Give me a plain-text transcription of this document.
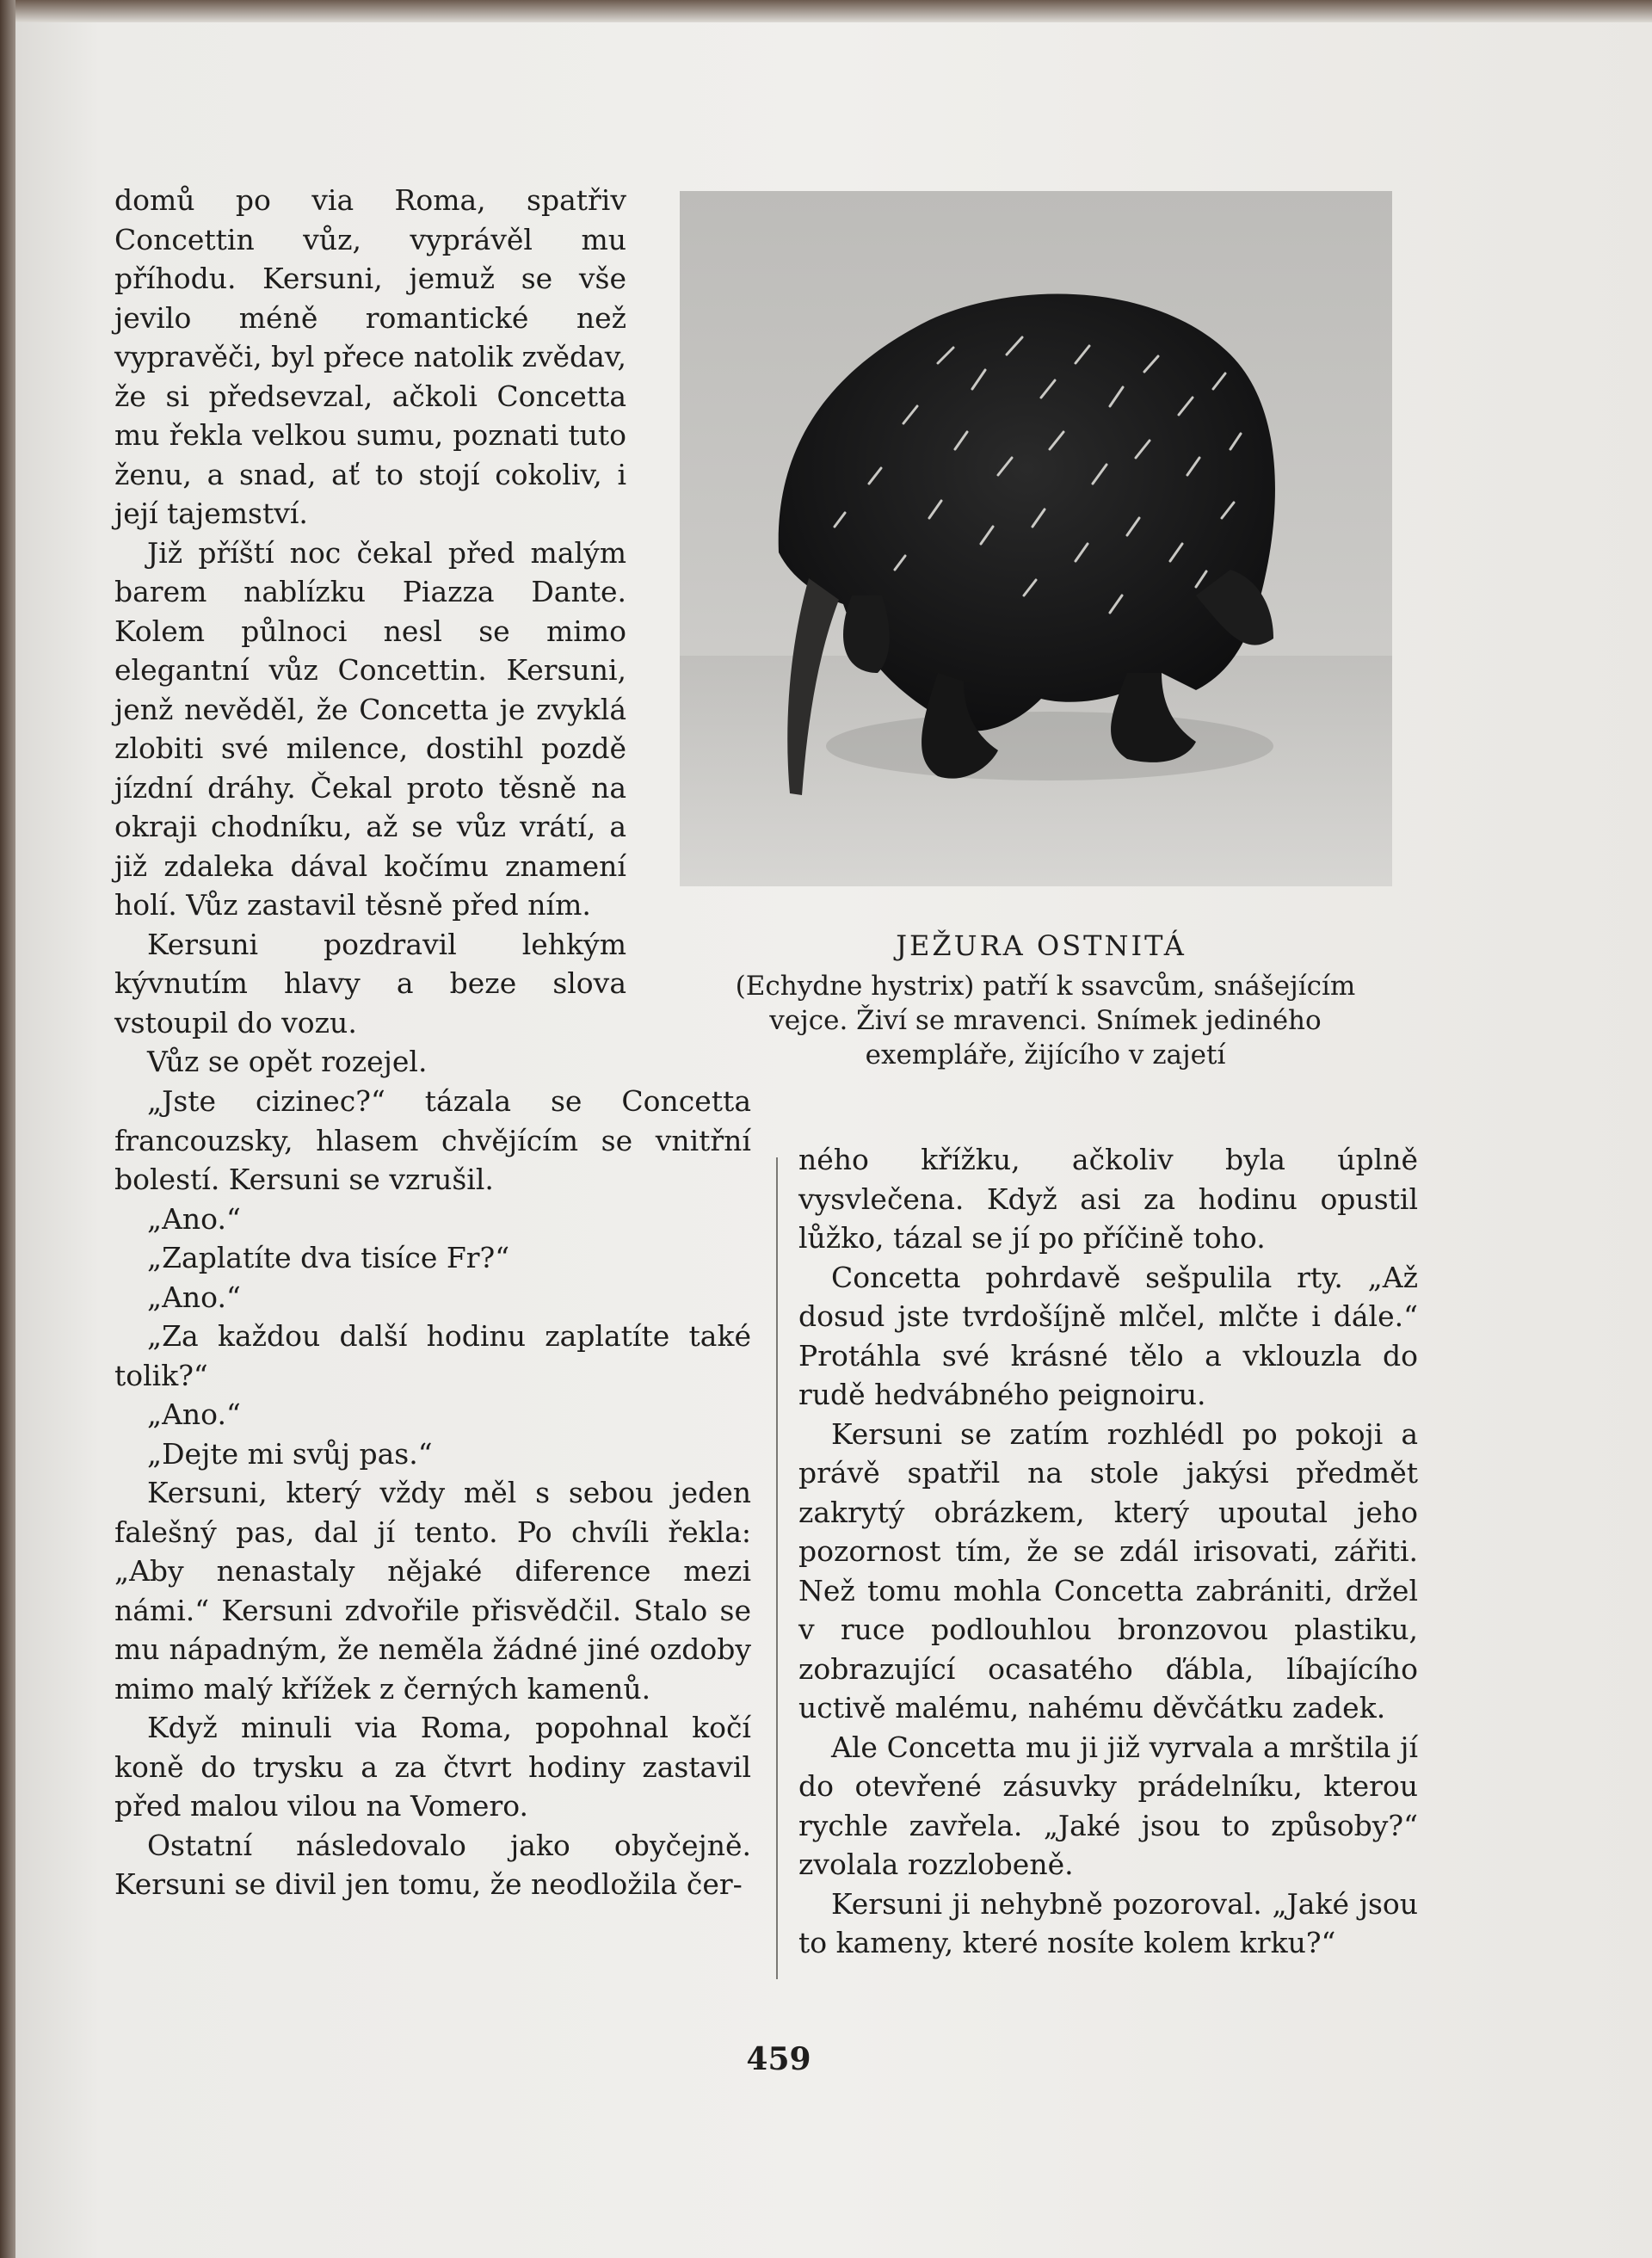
domů po via Roma, spatřiv Concettin vůz, vyprávěl mu příhodu. Kersuni, jemuž se vše jevilo méně romantické než vypravěči, byl přece natolik zvědav, že si předsevzal, ačkoli Concetta mu řekla velkou sumu, poznati tuto ženu, a snad, ať to stojí cokoliv, i její tajemství.

Již příští noc čekal před malým barem nablízku Piazza Dante. Kolem půlnoci nesl se mimo elegantní vůz Concettin. Kersuni, jenž nevěděl, že Concetta je zvyklá zlobiti své milence, dostihl pozdě jízdní dráhy. Čekal proto těsně na okraji chodníku, až se vůz vrátí, a již zdaleka dával kočímu znamení holí. Vůz zastavil těsně před ním.

Kersuni pozdravil lehkým kývnutím hlavy a beze slova vstoupil do vozu.

Vůz se opět rozejel.

JEŽURA OSTNITÁ
(Echydne hystrix) patří k ssavcům, snášejícím vejce. Živí se mravenci. Snímek jediného exempláře, žijícího v zajetí

„Jste cizinec?“ tázala se Concetta francouzsky, hlasem chvějícím se vnitřní bolestí. Kersuni se vzrušil.

„Ano.“

„Zaplatíte dva tisíce Fr?“

„Ano.“

„Za každou další hodinu zaplatíte také tolik?“

„Ano.“

„Dejte mi svůj pas.“

Kersuni, který vždy měl s sebou jeden falešný pas, dal jí tento. Po chvíli řekla: „Aby nenastaly nějaké diference mezi námi.“ Kersuni zdvořile přisvědčil. Stalo se mu nápadným, že neměla žádné jiné ozdoby mimo malý křížek z černých kamenů.

Když minuli via Roma, popohnal kočí koně do trysku a za čtvrt hodiny zastavil před malou vilou na Vomero.

Ostatní následovalo jako obyčejně. Kersuni se divil jen tomu, že neodložila čer-

ného křížku, ačkoliv byla úplně vysvlečena. Když asi za hodinu opustil lůžko, tázal se jí po příčině toho.

Concetta pohrdavě sešpulila rty. „Až dosud jste tvrdošíjně mlčel, mlčte i dále.“ Protáhla své krásné tělo a vklouzla do rudě hedvábného peignoiru.

Kersuni se zatím rozhlédl po pokoji a právě spatřil na stole jakýsi předmět zakrytý obrázkem, který upoutal jeho pozornost tím, že se zdál irisovati, zářiti. Než tomu mohla Concetta zabrániti, držel v ruce podlouhlou bronzovou plastiku, zobrazující ocasatého ďábla, líbajícího uctivě malému, nahému děvčátku zadek.

Ale Concetta mu ji již vyrvala a mrštila jí do otevřené zásuvky prádelníku, kterou rychle zavřela. „Jaké jsou to způsoby?“ zvolala rozzlobeně.

Kersuni ji nehybně pozoroval. „Jaké jsou to kameny, které nosíte kolem krku?“

459
